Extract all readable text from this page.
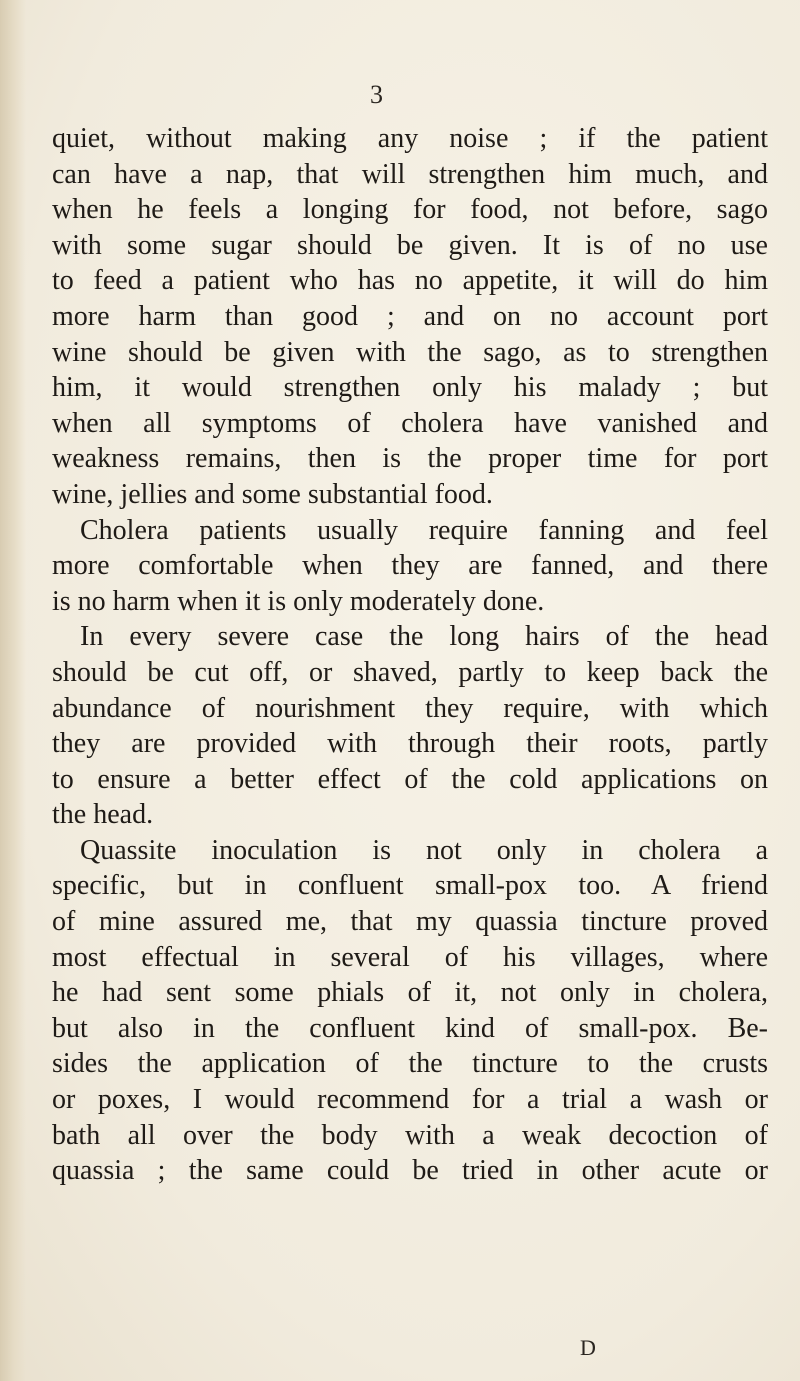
3

quiet, without making any noise ; if the patient

can have a nap, that will strengthen him much, and

when he feels a longing for food, not before, sago

with some sugar should be given. It is of no use

to feed a patient who has no appetite, it will do him

more harm than good ; and on no account port

wine should be given with the sago, as to strengthen

him, it would strengthen only his malady ; but

when all symptoms of cholera have vanished and

weakness remains, then is the proper time for port

wine, jellies and some substantial food.

Cholera patients usually require fanning and feel

more comfortable when they are fanned, and there

is no harm when it is only moderately done.

In every severe case the long hairs of the head

should be cut off, or shaved, partly to keep back the

abundance of nourishment they require, with which

they are provided with through their roots, partly

to ensure a better effect of the cold applications on

the head.

Quassite inoculation is not only in cholera a

specific, but in confluent small-pox too. A friend

of mine assured me, that my quassia tincture proved

most effectual in several of his villages, where

he had sent some phials of it, not only in cholera,

but also in the confluent kind of small-pox. Be-

sides the application of the tincture to the crusts

or poxes, I would recommend for a trial a wash or

bath all over the body with a weak decoction of

quassia ; the same could be tried in other acute or

D
